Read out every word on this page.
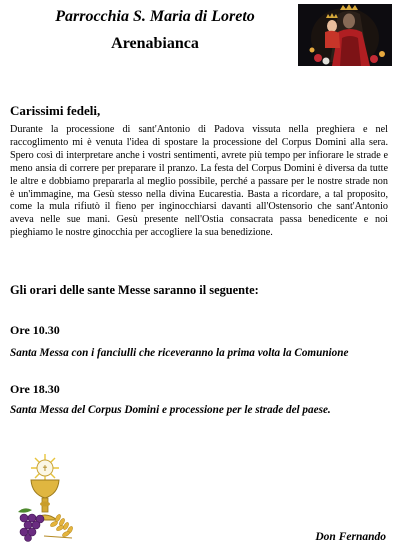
Parrocchia S. Maria di Loreto
Arenabianca

Carissimi fedeli,

Durante la processione di sant'Antonio di Padova vissuta nella preghiera e nel raccoglimento mi è venuta l'idea di spostare la processione del Corpus Domini alla sera. Spero così di interpretare anche i vostri sentimenti, avrete più tempo per infiorare le strade e meno ansia di correre per preparare il pranzo. La festa del Corpus Domini è diversa da tutte le altre e dobbiamo prepararla al meglio possibile, perché a passare per le nostre strade non è un'immagine, ma Gesù stesso nella divina Eucarestia. Basta a ricordare, a tal proposito, come la mula rifiutò il fieno per inginocchiarsi davanti all'Ostensorio che sant'Antonio aveva nelle sue mani. Gesù presente nell'Ostia consacrata passa benedicente e noi pieghiamo le nostre ginocchia per accogliere la sua benedizione.

Gli orari delle sante Messe saranno il seguente:

Ore 10.30

Santa Messa con i fanciulli che riceveranno la prima volta la Comunione

Ore 18.30

Santa Messa del Corpus Domini e processione per le strade del paese.

✝

Don Fernando
